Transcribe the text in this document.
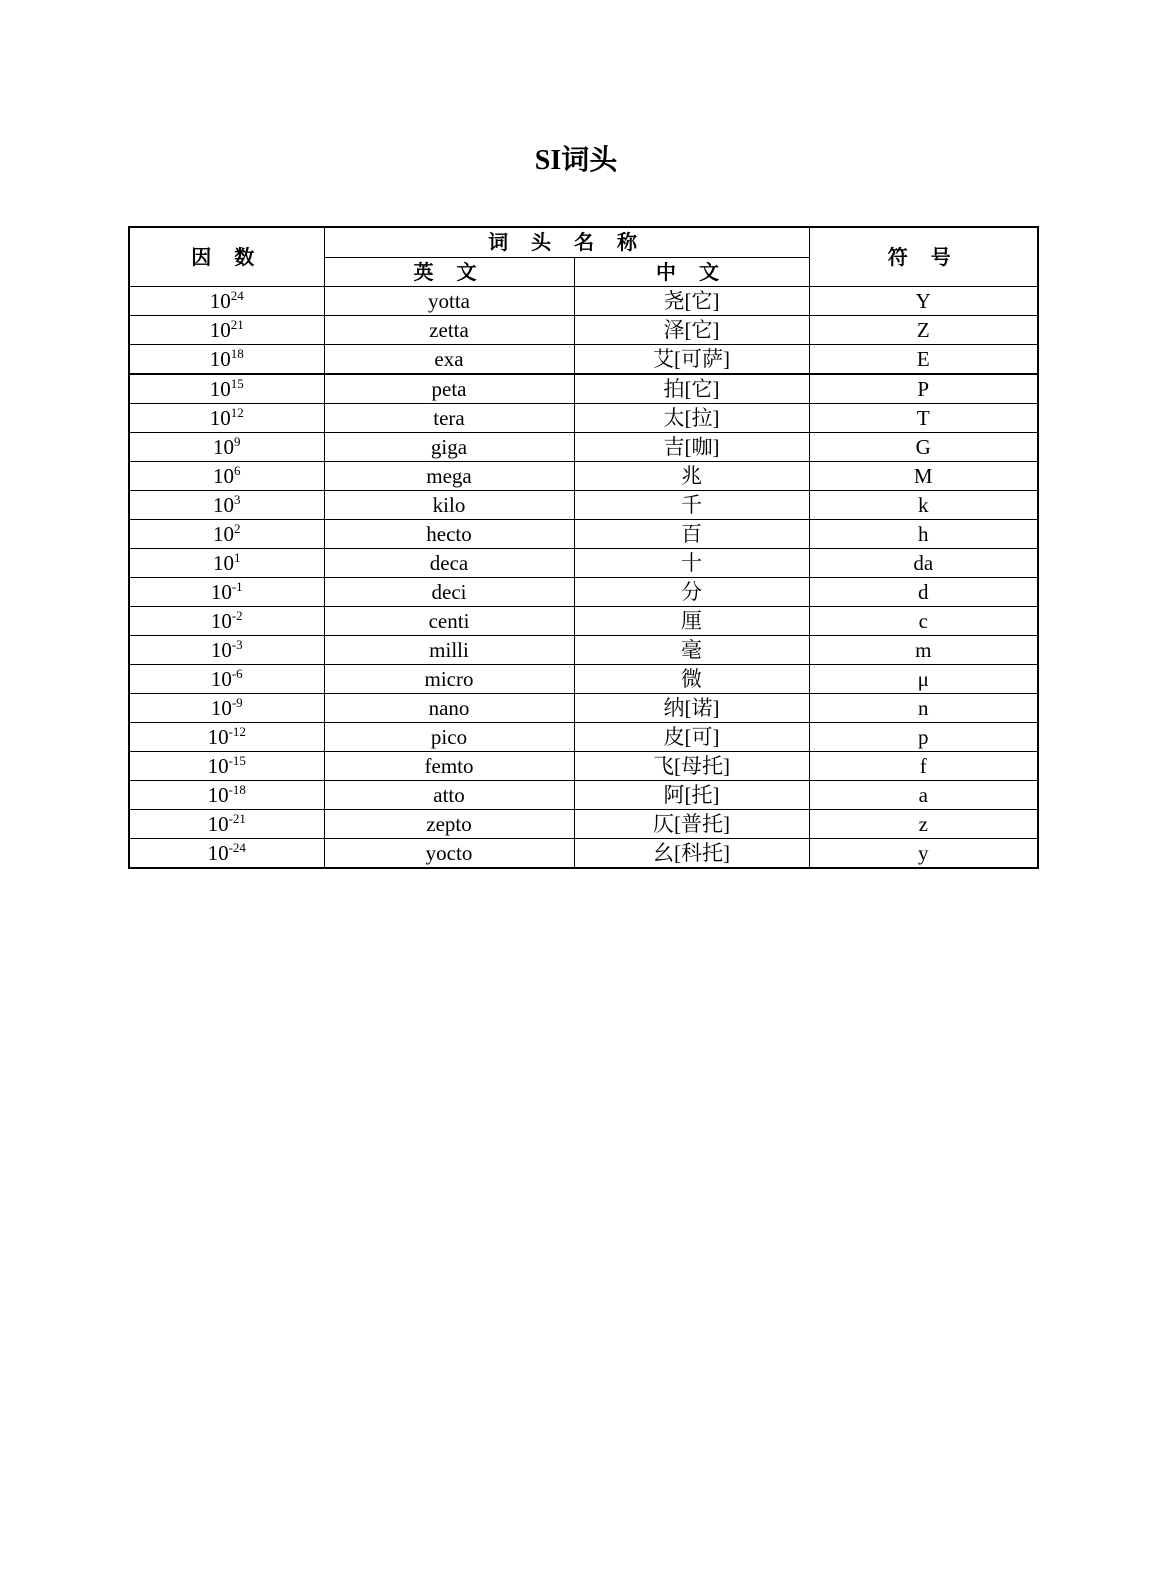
SI词头
因 数	词 头 名 称		符 号
	英 文	中 文	
$10^{24}$	yotta	尧[它]	Y
$10^{21}$	zetta	泽[它]	Z
$10^{18}$	exa	艾[可萨]	E
$10^{15}$	peta	拍[它]	P
$10^{12}$	tera	太[拉]	T
$10^9$	giga	吉[咖]	G
$10^6$	mega	兆	M
$10^3$	kilo	千	k
$10^2$	hecto	百	h
$10^1$	deca	十	da
$10^{-1}$	deci	分	d
$10^{-2}$	centi	厘	c
$10^{-3}$	milli	毫	m
$10^{-6}$	micro	微	μ
$10^{-9}$	nano	纳[诺]	n
$10^{-12}$	pico	皮[可]	p
$10^{-15}$	femto	飞[母托]	f
$10^{-18}$	atto	阿[托]	a
$10^{-21}$	zepto	仄[普托]	z
$10^{-24}$	yocto	幺[科托]	y
